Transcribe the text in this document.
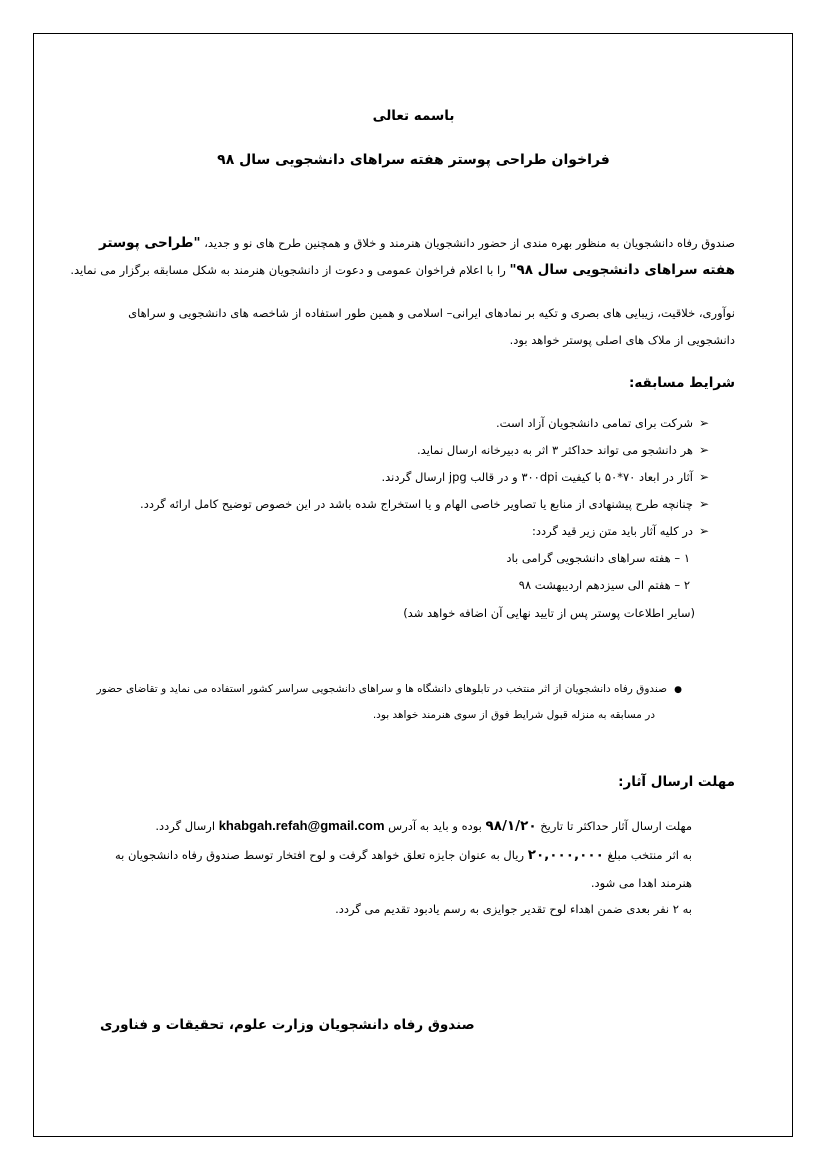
باسمه تعالی
فراخوان طراحی پوستر هفته سراهای دانشجویی سال ۹۸
صندوق رفاه دانشجویان به منظور بهره مندی از حضور دانشجویان هنرمند و خلاق و همچنین طرح های نو و جدید، "طراحی پوستر
هفته سراهای دانشجویی سال ۹۸" را با اعلام فراخوان عمومی و دعوت از دانشجویان هنرمند به شکل مسابقه برگزار می نماید.
نوآوری، خلاقیت، زیبایی های بصری و تکیه بر نمادهای ایرانی– اسلامی و همین طور استفاده از شاخصه های دانشجویی و سراهای
دانشجویی از ملاک های اصلی پوستر خواهد بود.
شرایط مسابقه:
➢شرکت برای تمامی دانشجویان آزاد است.
➢هر دانشجو می تواند حداکثر ۳ اثر به دبیرخانه ارسال نماید.
➢آثار در ابعاد ۷۰*۵۰ با کیفیت ۳۰۰dpi و در قالب jpg ارسال گردند.
➢چنانچه طرح پیشنهادی از منابع یا تصاویر خاصی الهام و یا استخراج شده باشد در این خصوص توضیح کامل ارائه گردد.
➢در کلیه آثار باید متن زیر قید گردد:
۱ – هفته سراهای دانشجویی گرامی باد
۲ – هفتم الی سیزدهم اردیبهشت ۹۸
(سایر اطلاعات پوستر پس از تایید نهایی آن اضافه خواهد شد)
●صندوق رفاه دانشجویان از اثر منتخب در تابلوهای دانشگاه ها و سراهای دانشجویی سراسر کشور استفاده می نماید و تقاضای حضور
در مسابقه به منزله قبول شرایط فوق از سوی هنرمند خواهد بود.
مهلت ارسال آثار:
مهلت ارسال آثار حداکثر تا تاریخ ۹۸/۱/۲۰ بوده و باید به آدرس khabgah.refah@gmail.com ارسال گردد.
به اثر منتخب مبلغ ۲۰,۰۰۰,۰۰۰ ریال به عنوان جایزه تعلق خواهد گرفت و لوح افتخار توسط صندوق رفاه دانشجویان به
هنرمند اهدا می شود.
به ۲ نفر بعدی ضمن اهداء لوح تقدیر جوایزی به رسم یادبود تقدیم می گردد.
صندوق رفاه دانشجویان وزارت علوم، تحقیقات و فناوری
